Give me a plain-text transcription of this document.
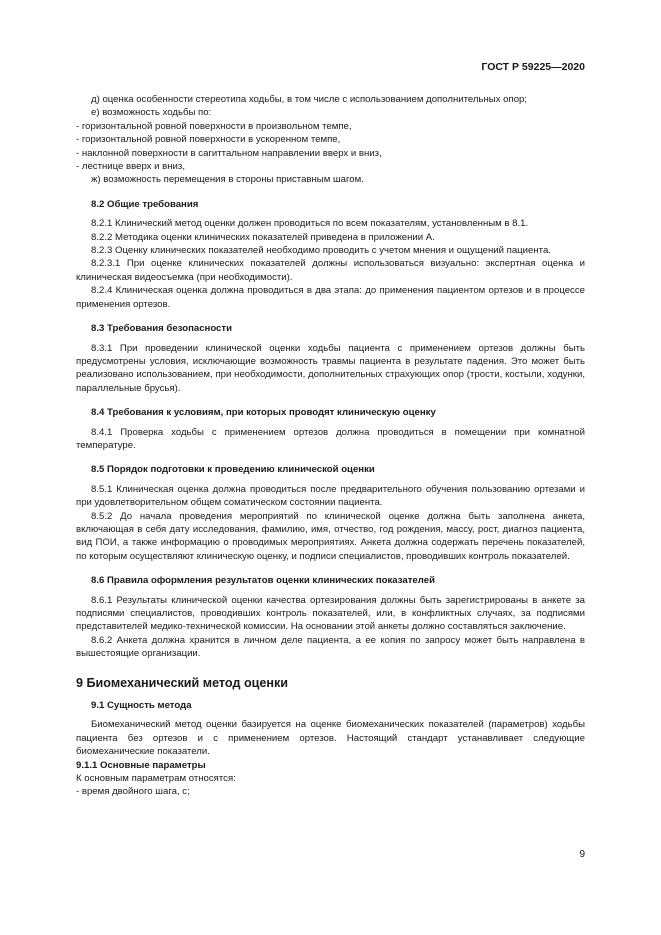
ГОСТ Р 59225—2020

д) оценка особенности стереотипа ходьбы, в том числе с использованием дополнительных опор;

е) возможность ходьбы по:

- горизонтальной ровной поверхности в произвольном темпе,

- горизонтальной ровной поверхности в ускоренном темпе,

- наклонной поверхности в сагиттальном направлении вверх и вниз,

- лестнице вверх и вниз,

ж) возможность перемещения в стороны приставным шагом.

8.2 Общие требования

8.2.1 Клинический метод оценки должен проводиться по всем показателям, установленным в 8.1.

8.2.2 Методика оценки клинических показателей приведена в приложении А.

8.2.3 Оценку клинических показателей необходимо проводить с учетом мнения и ощущений пациента.

8.2.3.1 При оценке клинических показателей должны использоваться визуально: экспертная оценка и клиническая видеосъемка (при необходимости).

8.2.4 Клиническая оценка должна проводиться в два этапа: до применения пациентом ортезов и в процессе применения ортезов.

8.3 Требования безопасности

8.3.1 При проведении клинической оценки ходьбы пациента с применением ортезов должны быть предусмотрены условия, исключающие возможность травмы пациента в результате падения. Это может быть реализовано использованием, при необходимости, дополнительных страхующих опор (трости, костыли, ходунки, параллельные брусья).

8.4 Требования к условиям, при которых проводят клиническую оценку

8.4.1 Проверка ходьбы с применением ортезов должна проводиться в помещении при комнатной температуре.

8.5 Порядок подготовки к проведению клинической оценки

8.5.1 Клиническая оценка должна проводиться после предварительного обучения пользованию ортезами и при удовлетворительном общем соматическом состоянии пациента.

8.5.2 До начала проведения мероприятий по клинической оценке должна быть заполнена анкета, включающая в себя дату исследования, фамилию, имя, отчество, год рождения, массу, рост, диагноз пациента, вид ПОИ, а также информацию о проводимых мероприятиях. Анкета должна содержать перечень показателей, по которым осуществляют клиническую оценку, и подписи специалистов, проводивших контроль показателей.

8.6 Правила оформления результатов оценки клинических показателей

8.6.1 Результаты клинической оценки качества ортезирования должны быть зарегистрированы в анкете за подписями специалистов, проводивших контроль показателей, или, в конфликтных случаях, за подписями представителей медико-технической комиссии. На основании этой анкеты должно составляться заключение.

8.6.2 Анкета должна хранится в личном деле пациента, а ее копия по запросу может быть направлена в вышестоящие организации.

9 Биомеханический метод оценки

9.1 Сущность метода

Биомеханический метод оценки базируется на оценке биомеханических показателей (параметров) ходьбы пациента без ортезов и с применением ортезов. Настоящий стандарт устанавливает следующие биомеханические показатели.

9.1.1 Основные параметры

К основным параметрам относятся:

- время двойного шага, с;

9
